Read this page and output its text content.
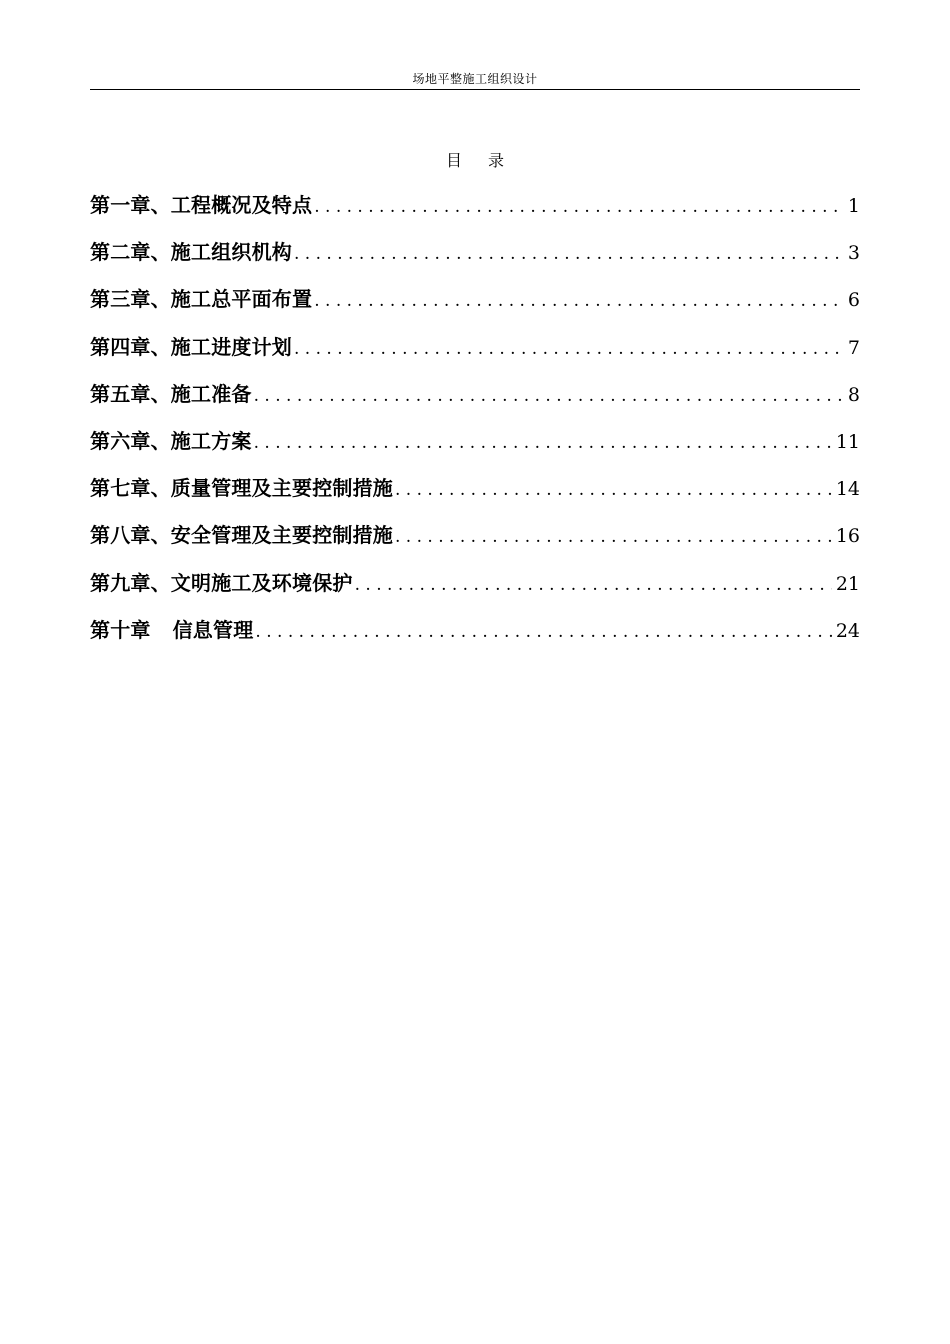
场地平整施工组织设计
目 录
第一章、工程概况及特点 . . .	1
第二章、施工组织机构 . . .	3
第三章、施工总平面布置 . . .	6
第四章、施工进度计划 . . .	7
第五章、施工准备 . . .	8
第六章、施工方案 . . .	11
第七章、质量管理及主要控制措施 . . .	14
第八章、安全管理及主要控制措施 . . .	16
第九章、文明施工及环境保护 . . .	21
第十章 信息管理 . . .	24
